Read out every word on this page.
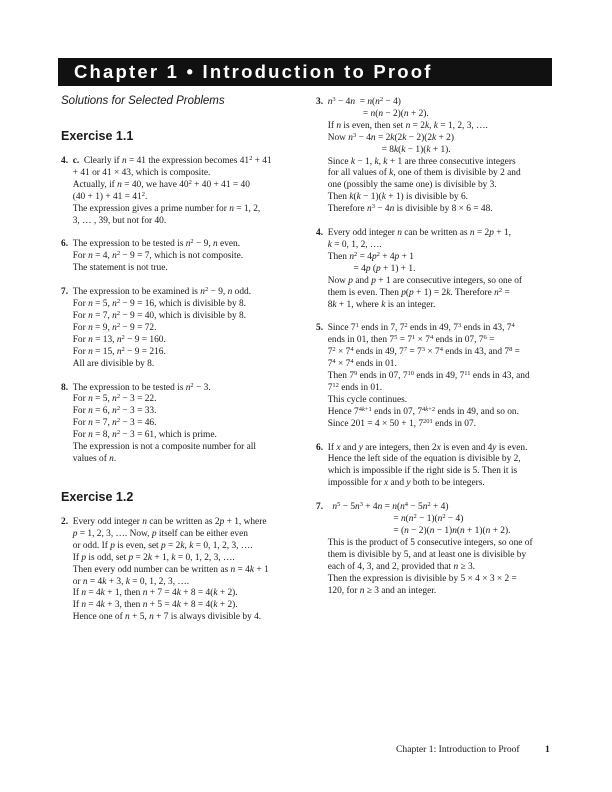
Chapter 1 • Introduction to Proof
Solutions for Selected Problems
Exercise 1.1
4. c.  Clearly if n = 41 the expression becomes $41^2 + 41$
+ 41 or 41 × 43, which is composite.
Actually, if n = 40, we have $40^2 + 40 + 41 = 40$
$(40 + 1) + 41 = 41^2$.
The expression gives a prime number for n = 1, 2,
3, … , 39, but not for 40.
6.  The expression to be tested is $n^2 - 9$, n even.
For n = 4, $n^2 - 9 = 7$, which is not composite.
The statement is not true.
7.  The expression to be examined is $n^2 - 9$, n odd.
For n = 5, $n^2 - 9 = 16$, which is divisible by 8.
For n = 7, $n^2 - 9 = 40$, which is divisible by 8.
For n = 9, $n^2 - 9 = 72$.
For n = 13, $n^2 - 9 = 160$.
For n = 15, $n^2 - 9 = 216$.
All are divisible by 8.
8.  The expression to be tested is $n^2 - 3$.
For n = 5, $n^2 - 3 = 22$.
For n = 6, $n^2 - 3 = 33$.
For n = 7, $n^2 - 3 = 46$.
For n = 8, $n^2 - 3 = 61$, which is prime.
The expression is not a composite number for all
values of n.
Exercise 1.2
2.  Every odd integer n can be written as 2p + 1, where
p = 1, 2, 3, …. Now, p itself can be either even
or odd. If p is even, set p = 2k, k = 0, 1, 2, 3, ….
If p is odd, set p = 2k + 1, k = 0, 1, 2, 3, ….
Then every odd number can be written as n = 4k + 1
or n = 4k + 3, k = 0, 1, 2, 3, ….
If n = 4k + 1, then n + 7 = 4k + 8 = 4(k + 2).
If n = 4k + 3, then n + 5 = 4k + 8 = 4(k + 2).
Hence one of n + 5, n + 7 is always divisible by 4.
3. $n^3 - 4n = n(n^2 - 4)$
= n(n − 2)(n + 2).
If n is even, then set n = 2k, k = 1, 2, 3, ….
Now $n^3 - 4n = 2k(2k - 2)(2k + 2)$
= 8k(k − 1)(k + 1).
Since k − 1, k, k + 1 are three consecutive integers
for all values of k, one of them is divisible by 2 and
one (possibly the same one) is divisible by 3.
Then k(k − 1)(k + 1) is divisible by 6.
Therefore $n^3 - 4n$ is divisible by 8 × 6 = 48.
4.  Every odd integer n can be written as n = 2p + 1,
k = 0, 1, 2, ….
Then $n^2 = 4p^2 + 4p + 1$
= 4p (p + 1) + 1.
Now p and p + 1 are consecutive integers, so one of
them is even. Then p(p + 1) = 2k. Therefore $n^2$ =
8k + 1, where k is an integer.
5.  Since $7^1$ ends in 7, $7^2$ ends in 49, $7^3$ ends in 43, $7^4$
ends in 01, then $7^5 = 7^1 \times 7^4$ ends in 07, $7^6$ =
$7^2 \times 7^4$ ends in 49, $7^7 = 7^3 \times 7^4$ ends in 43, and $7^8$ =
$7^4 \times 7^4$ ends in 01.
Then $7^9$ ends in 07, $7^{10}$ ends in 49, $7^{11}$ ends in 43, and
$7^{12}$ ends in 01.
This cycle continues.
Hence $7^{4k+1}$ ends in 07, $7^{4k+2}$ ends in 49, and so on.
Since 201 = 4 × 50 + 1, $7^{201}$ ends in 07.
6.  If x and y are integers, then 2x is even and 4y is even.
Hence the left side of the equation is divisible by 2,
which is impossible if the right side is 5. Then it is
impossible for x and y both to be integers.
7. $n^5 - 5n^3 + 4n = n(n^4 - 5n^2 + 4)$
= $n(n^2 - 1)(n^2 - 4)$
= (n − 2)(n − 1)n(n + 1)(n + 2).
This is the product of 5 consecutive integers, so one of
them is divisible by 5, and at least one is divisible by
each of 4, 3, and 2, provided that n ≥ 3.
Then the expression is divisible by 5 × 4 × 3 × 2 =
120, for n ≥ 3 and an integer.
Chapter 1: Introduction to Proof	1
